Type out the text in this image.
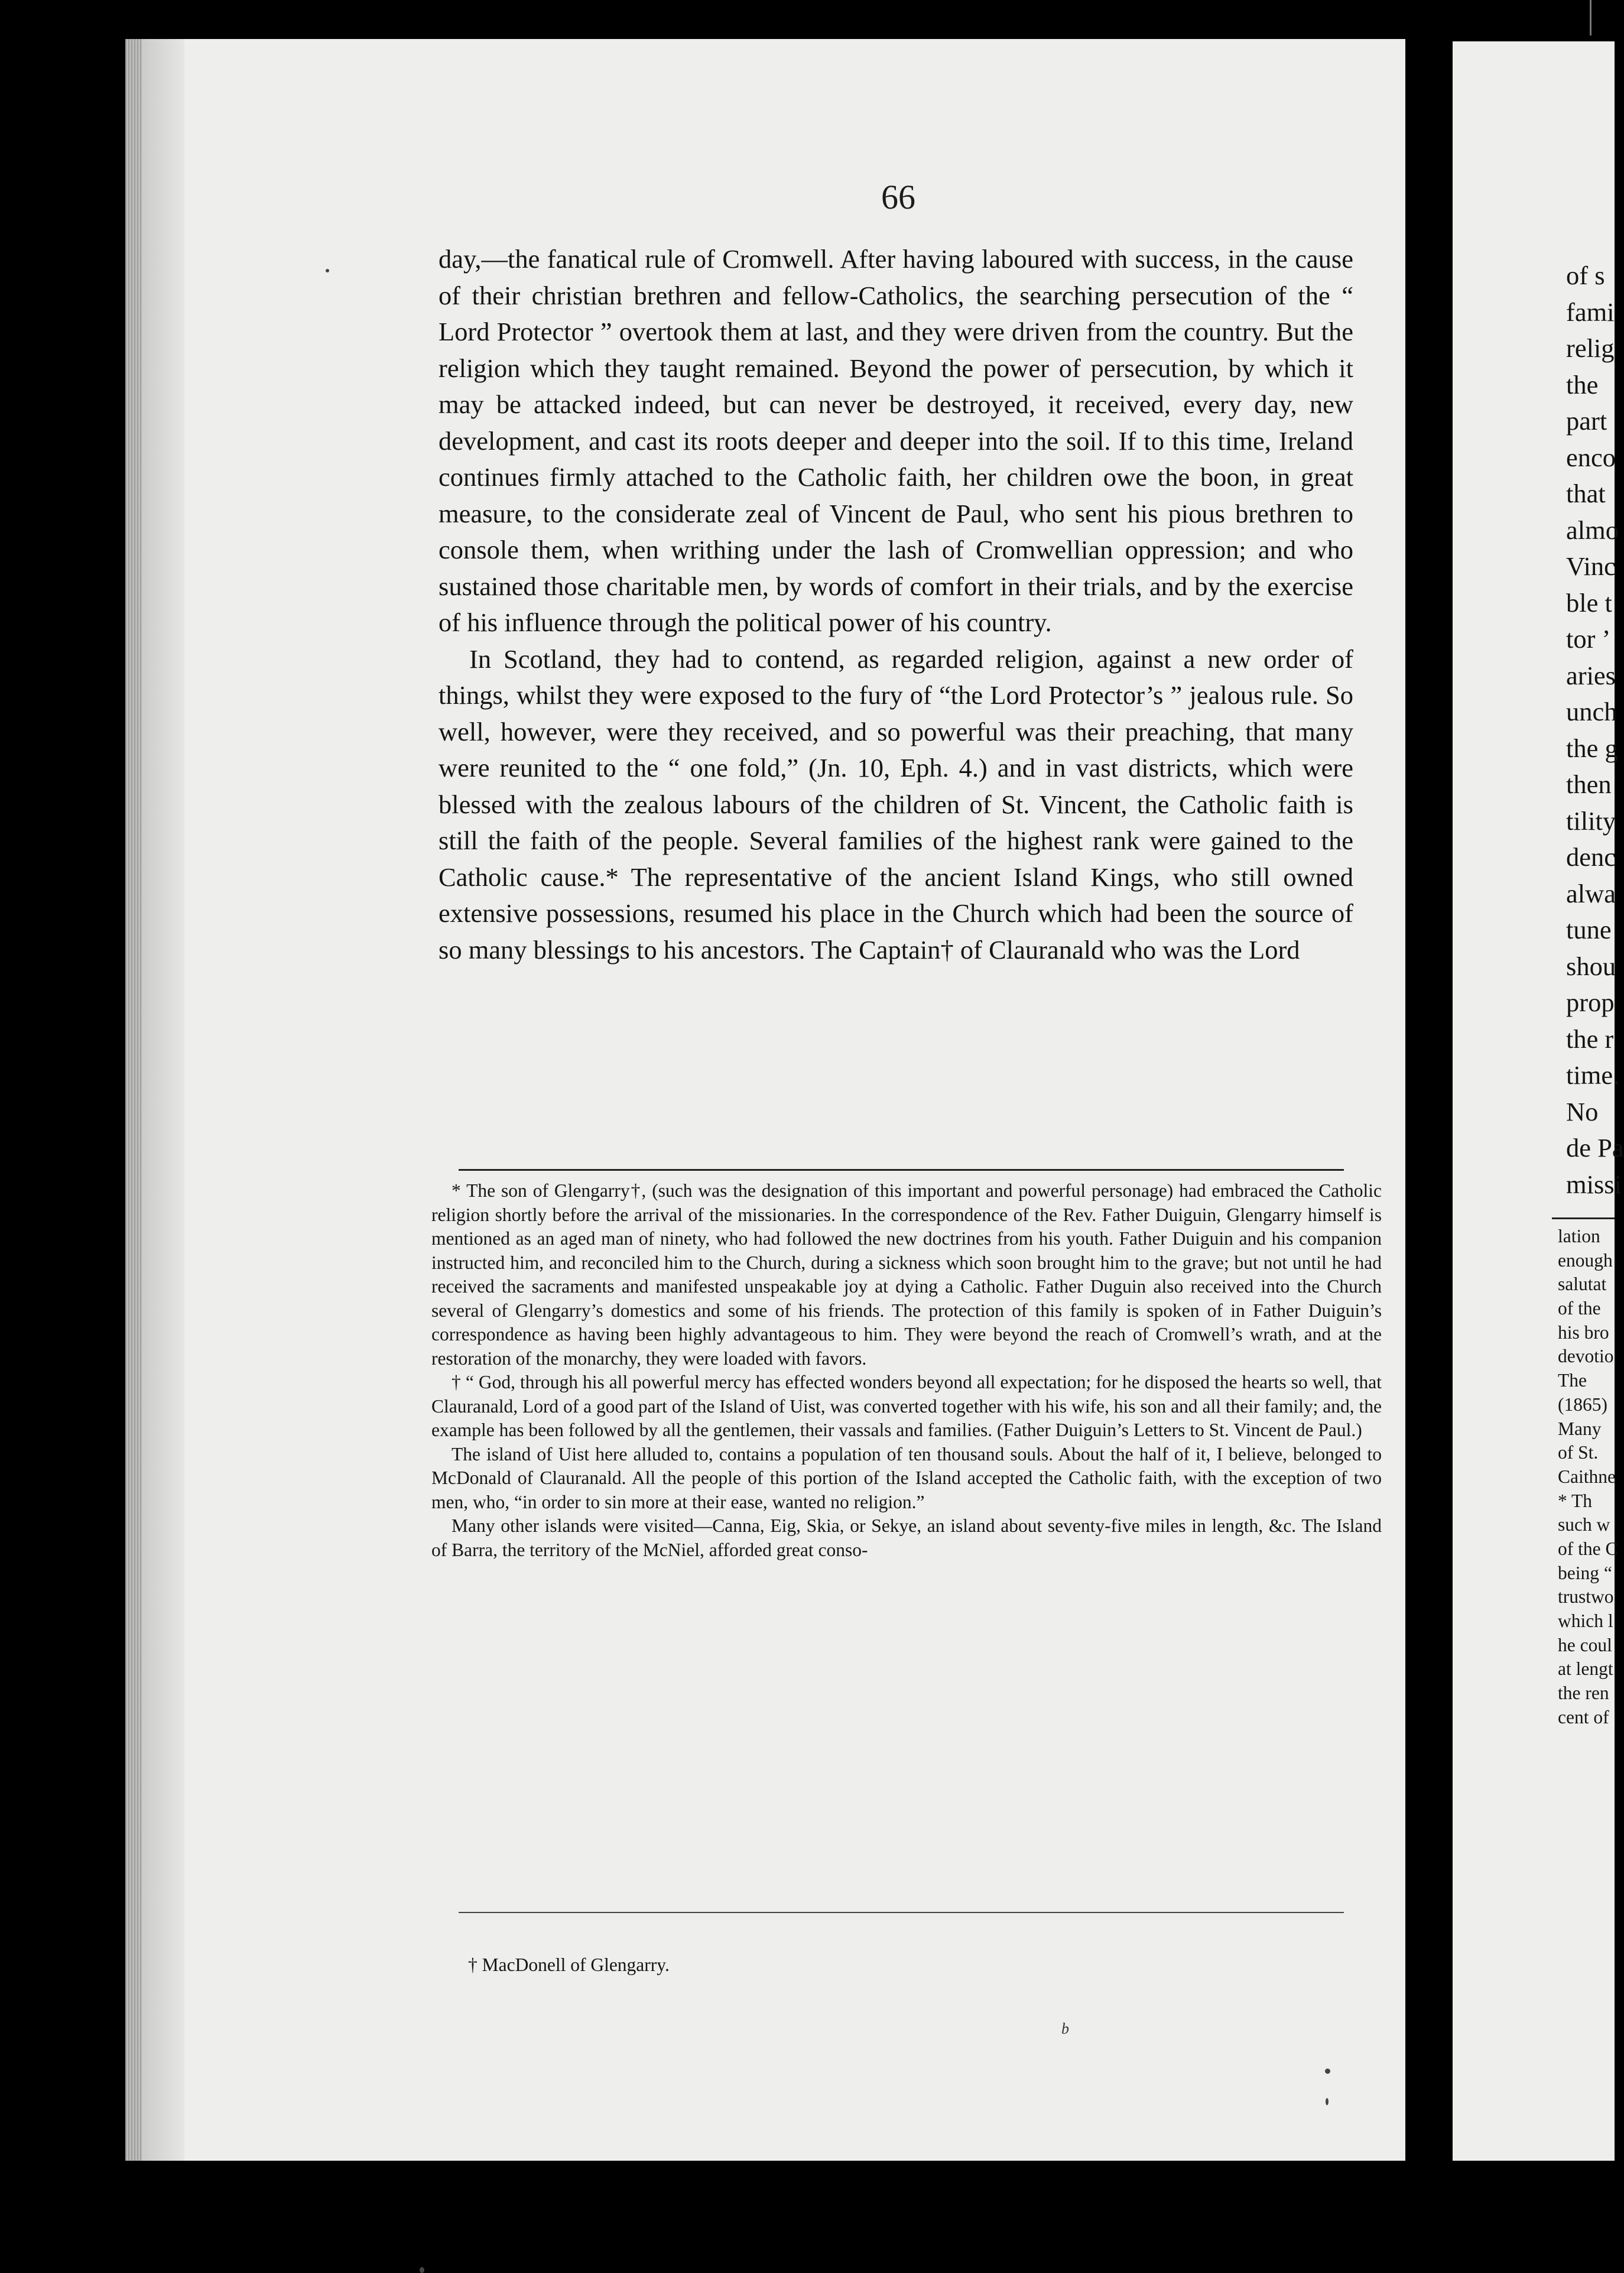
66

day,—the fanatical rule of Cromwell. After having laboured with success, in the cause of their christian brethren and fellow-Catholics, the searching persecution of the “ Lord Protector ” overtook them at last, and they were driven from the country. But the religion which they taught remained. Beyond the power of persecution, by which it may be attacked indeed, but can never be destroyed, it received, every day, new development, and cast its roots deeper and deeper into the soil. If to this time, Ireland continues firmly attached to the Catholic faith, her children owe the boon, in great measure, to the considerate zeal of Vincent de Paul, who sent his pious brethren to console them, when writhing under the lash of Cromwellian oppression; and who sustained those charitable men, by words of comfort in their trials, and by the exercise of his influence through the political power of his country.

In Scotland, they had to contend, as regarded religion, against a new order of things, whilst they were exposed to the fury of “the Lord Protector’s ” jealous rule. So well, however, were they received, and so powerful was their preaching, that many were reunited to the “ one fold,” (Jn. 10, Eph. 4.) and in vast districts, which were blessed with the zealous labours of the children of St. Vincent, the Catholic faith is still the faith of the people. Several families of the highest rank were gained to the Catholic cause.* The representative of the ancient Island Kings, who still owned extensive possessions, resumed his place in the Church which had been the source of so many blessings to his ancestors. The Captain† of Clauranald who was the Lord

* The son of Glengarry†, (such was the designation of this important and powerful personage) had embraced the Catholic religion shortly before the arrival of the missionaries. In the correspondence of the Rev. Father Duiguin, Glengarry himself is mentioned as an aged man of ninety, who had followed the new doctrines from his youth. Father Duiguin and his companion instructed him, and reconciled him to the Church, during a sickness which soon brought him to the grave; but not until he had received the sacraments and manifested unspeakable joy at dying a Catholic. Father Duguin also received into the Church several of Glengarry’s domestics and some of his friends. The protection of this family is spoken of in Father Duiguin’s correspondence as having been highly advantageous to him. They were beyond the reach of Cromwell’s wrath, and at the restoration of the monarchy, they were loaded with favors.

† “ God, through his all powerful mercy has effected wonders beyond all expectation; for he disposed the hearts so well, that Clauranald, Lord of a good part of the Island of Uist, was converted together with his wife, his son and all their family; and, the example has been followed by all the gentlemen, their vassals and families. (Father Duiguin’s Letters to St. Vincent de Paul.)

The island of Uist here alluded to, contains a population of ten thousand souls. About the half of it, I believe, belonged to McDonald of Clauranald. All the people of this portion of the Island accepted the Catholic faith, with the exception of two men, who, “in order to sin more at their ease, wanted no religion.”

Many other islands were visited—Canna, Eig, Skia, or Sekye, an island about seventy-five miles in length, &c. The Island of Barra, the territory of the McNiel, afforded great conso-

† MacDonell of Glengarry.
b
of s
fami
relig
the
part
enco
that
almo
Vinc
ble t
tor ’
aries
unch
the g
then
tility
denc
alwa
tune
shou
prop
the r
time.
No
de Pa
missi
lation
enough
salutat
of the
his bro
devotio
The
(1865)
Many
of St.
Caithne
* Th
such w
of the C
being “
trustwo
which l
he coul
at lengt
the ren
cent of
